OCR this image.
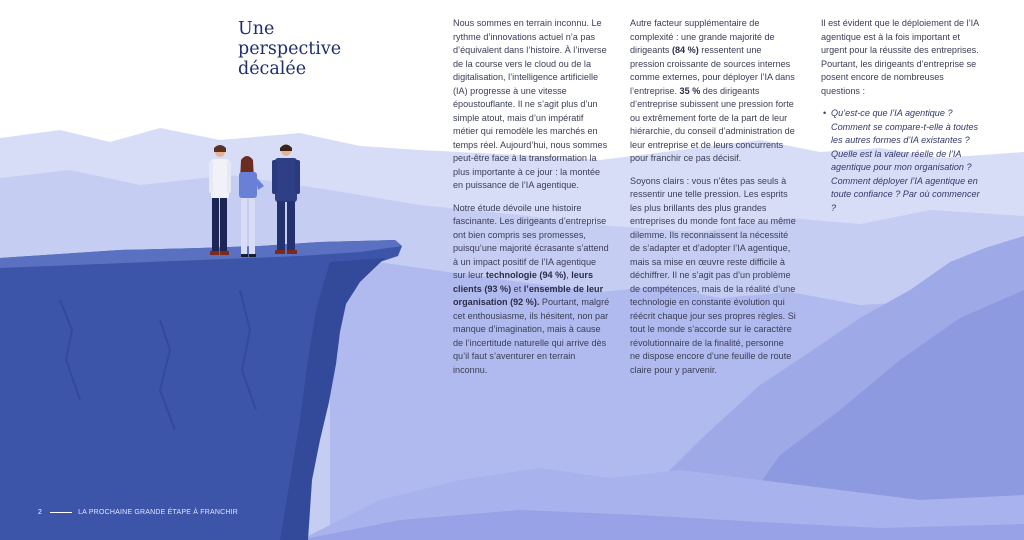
Une
perspective
décalée

Nous sommes en terrain inconnu. Le rythme d’innovations actuel n’a pas d’équivalent dans l’histoire. À l’inverse de la course vers le cloud ou de la digitalisation, l’intelligence artificielle (IA) progresse à une vitesse époustouflante. Il ne s’agit plus d’un simple atout, mais d’un impératif métier qui remodèle les marchés en temps réel. Aujourd’hui, nous sommes peut-être face à la transformation la plus importante à ce jour : la montée en puissance de l’IA agentique.

Notre étude dévoile une histoire fascinante. Les dirigeants d’entreprise ont bien compris ses promesses, puisqu’une majorité écrasante s’attend à un impact positif de l’IA agentique sur leur technologie (94 %), leurs clients (93 %) et l’ensemble de leur organisation (92 %). Pourtant, malgré cet enthousiasme, ils hésitent, non par manque d’imagination, mais à cause de l’incertitude naturelle qui arrive dès qu’il faut s’aventurer en terrain inconnu.

Autre facteur supplémentaire de complexité : une grande majorité de dirigeants (84 %) ressentent une pression croissante de sources internes comme externes, pour déployer l’IA dans l’entreprise. 35 % des dirigeants d’entreprise subissent une pression forte ou extrêmement forte de la part de leur hiérarchie, du conseil d’administration de leur entreprise et de leurs concurrents pour franchir ce pas décisif.

Soyons clairs : vous n’êtes pas seuls à ressentir une telle pression. Les esprits les plus brillants des plus grandes entreprises du monde font face au même dilemme. Ils reconnaissent la nécessité de s’adapter et d’adopter l’IA agentique, mais sa mise en œuvre reste difficile à déchiffrer. Il ne s’agit pas d’un problème de compétences, mais de la réalité d’une technologie en constante évolution qui réécrit chaque jour ses propres règles. Si tout le monde s’accorde sur le caractère révolutionnaire de la finalité, personne ne dispose encore d’une feuille de route claire pour y parvenir.

Il est évident que le déploiement de l’IA agentique est à la fois important et urgent pour la réussite des entreprises. Pourtant, les dirigeants d’entreprise se posent encore de nombreuses questions :

• Qu’est-ce que l’IA agentique ? Comment se compare-t-elle à toutes les autres formes d’IA existantes ? Quelle est la valeur réelle de l’IA agentique pour mon organisation ? Comment déployer l’IA agentique en toute confiance ? Par où commencer ?
2	LA PROCHAINE GRANDE ÉTAPE À FRANCHIR
